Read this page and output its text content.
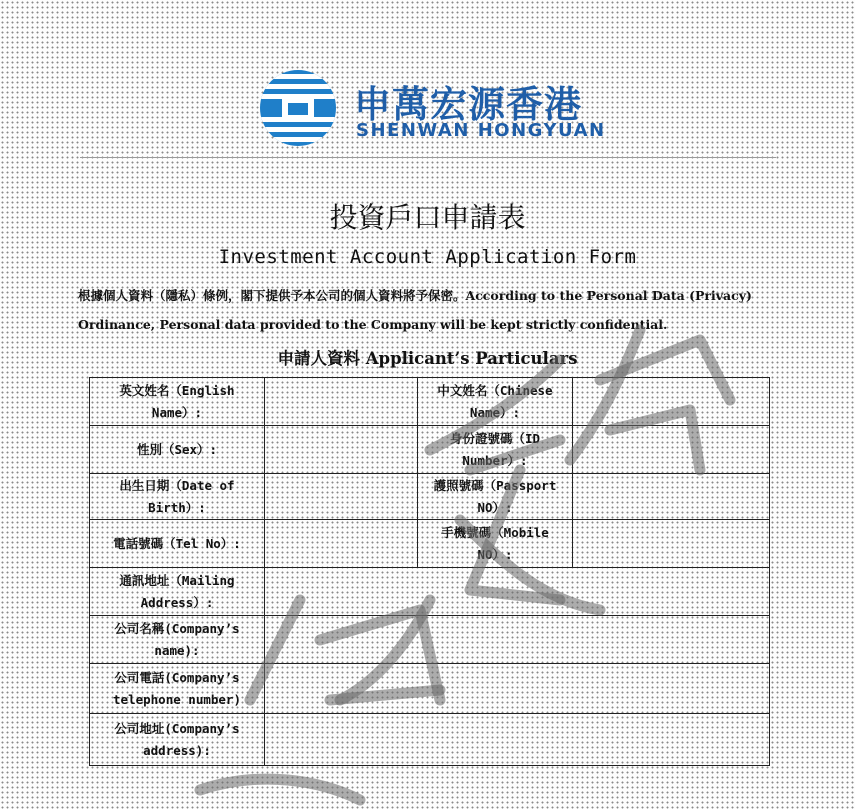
申萬宏源香港
SHENWAN HONGYUAN
投資戶口申請表
Investment Account Application Form
根據個人資料（隱私）條例，閣下提供予本公司的個人資料將予保密。According to the Personal Data (Privacy) Ordinance, Personal data provided to the Company will be kept strictly confidential.
申請人資料 Applicant’s Particulars
英文姓名（English Name）:		中文姓名（Chinese Name）:	
性別（Sex）:		身份證號碼（ID Number）:	
出生日期（Date of Birth）:		護照號碼（Passport NO）:	
電話號碼（Tel No）:		手機號碼（Mobile NO）:	
通訊地址（Mailing Address）:			
公司名稱(Company’s name):			
公司電話(Company’s telephone number)			
公司地址(Company’s address):			
